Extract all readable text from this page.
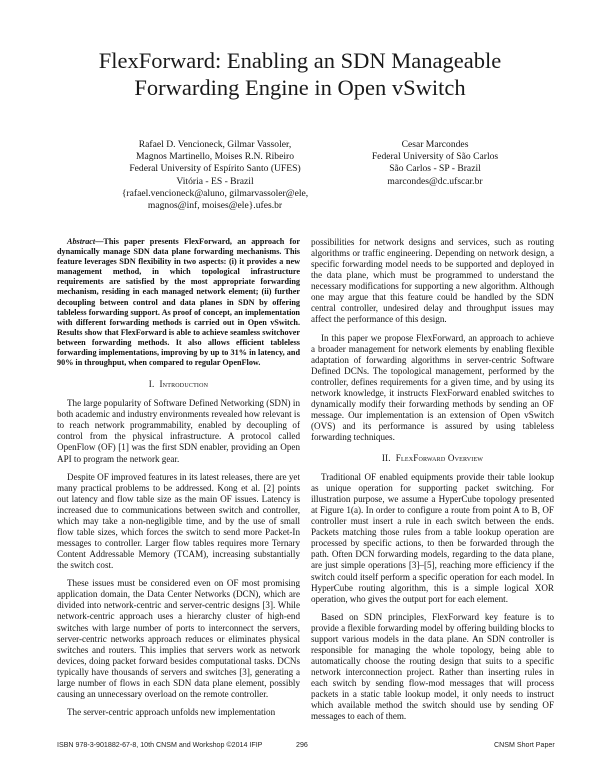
FlexForward: Enabling an SDN Manageable
Forwarding Engine in Open vSwitch
Rafael D. Vencioneck, Gilmar Vassoler,
Magnos Martinello, Moises R.N. Ribeiro
Federal University of Espírito Santo (UFES)
Vitória - ES - Brazil
{rafael.vencioneck@aluno, gilmarvassoler@ele,
magnos@inf, moises@ele}.ufes.br
Cesar Marcondes
Federal University of São Carlos
São Carlos - SP - Brazil
marcondes@dc.ufscar.br
Abstract—This paper presents FlexForward, an approach for dynamically manage SDN data plane forwarding mechanisms. This feature leverages SDN flexibility in two aspects: (i) it provides a new management method, in which topological infrastructure requirements are satisfied by the most appropriate forwarding mechanism, residing in each managed network element; (ii) further decoupling between control and data planes in SDN by offering tableless forwarding support. As proof of concept, an implementation with different forwarding methods is carried out in Open vSwitch. Results show that FlexForward is able to achieve seamless switchover between forwarding methods. It also allows efficient tableless forwarding implementations, improving by up to 31% in latency, and 90% in throughput, when compared to regular OpenFlow.
I. Introduction

The large popularity of Software Defined Networking (SDN) in both academic and industry environments revealed how relevant is to reach network programmability, enabled by decoupling of control from the physical infrastructure. A protocol called OpenFlow (OF) [1] was the first SDN enabler, providing an Open API to program the network gear.

Despite OF improved features in its latest releases, there are yet many practical problems to be addressed. Kong et al. [2] points out latency and flow table size as the main OF issues. Latency is increased due to communications between switch and controller, which may take a non-negligible time, and by the use of small flow table sizes, which forces the switch to send more Packet-In messages to controller. Larger flow tables requires more Ternary Content Addressable Memory (TCAM), increasing substantially the switch cost.

These issues must be considered even on OF most promising application domain, the Data Center Networks (DCN), which are divided into network-centric and server-centric designs [3]. While network-centric approach uses a hierarchy cluster of high-end switches with large number of ports to interconnect the servers, server-centric networks approach reduces or eliminates physical switches and routers. This implies that servers work as network devices, doing packet forward besides computational tasks. DCNs typically have thousands of servers and switches [3], generating a large number of flows in each SDN data plane element, possibly causing an unnecessary overload on the remote controller.

The server-centric approach unfolds new implementation

possibilities for network designs and services, such as routing algorithms or traffic engineering. Depending on network design, a specific forwarding model needs to be supported and deployed in the data plane, which must be programmed to understand the necessary modifications for supporting a new algorithm. Although one may argue that this feature could be handled by the SDN central controller, undesired delay and throughput issues may affect the performance of this design.

In this paper we propose FlexForward, an approach to achieve a broader management for network elements by enabling flexible adaptation of forwarding algorithms in server-centric Software Defined DCNs. The topological management, performed by the controller, defines requirements for a given time, and by using its network knowledge, it instructs FlexForward enabled switches to dynamically modify their forwarding methods by sending an OF message. Our implementation is an extension of Open vSwitch (OVS) and its performance is assured by using tableless forwarding techniques.

II. FlexForward Overview

Traditional OF enabled equipments provide their table lookup as unique operation for supporting packet switching. For illustration purpose, we assume a HyperCube topology presented at Figure 1(a). In order to configure a route from point A to B, OF controller must insert a rule in each switch between the ends. Packets matching those rules from a table lookup operation are processed by specific actions, to then be forwarded through the path. Often DCN forwarding models, regarding to the data plane, are just simple operations [3]–[5], reaching more efficiency if the switch could itself perform a specific operation for each model. In HyperCube routing algorithm, this is a simple logical XOR operation, who gives the output port for each element.

Based on SDN principles, FlexForward key feature is to provide a flexible forwarding model by offering building blocks to support various models in the data plane. An SDN controller is responsible for managing the whole topology, being able to automatically choose the routing design that suits to a specific network interconnection project. Rather than inserting rules in each switch by sending flow-mod messages that will process packets in a static table lookup model, it only needs to instruct which available method the switch should use by sending OF messages to each of them.

ISBN 978-3-901882-67-8, 10th CNSM and Workshop ©2014 IFIP	296	CNSM Short Paper
